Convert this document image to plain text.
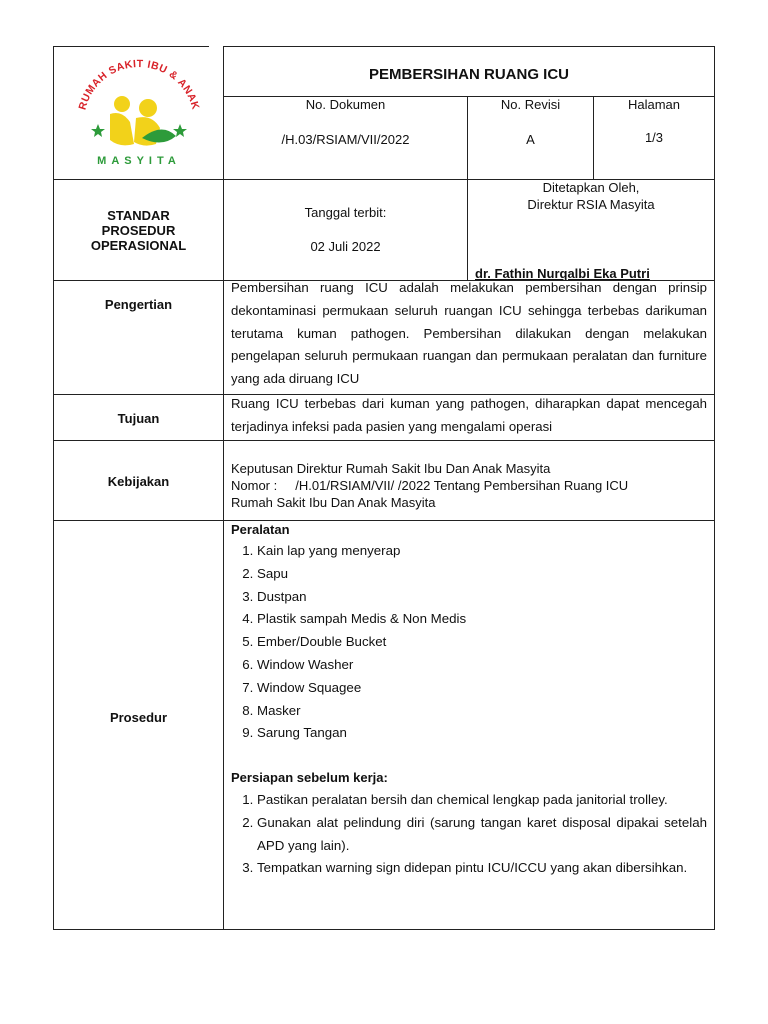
RUMAH SAKIT IBU & ANAK
MASYITA
PEMBERSIHAN RUANG ICU
No. Dokumen
/H.03/RSIAM/VII/2022
No. Revisi
A
Halaman
1/3
STANDAR
PROSEDUR
OPERASIONAL
Tanggal terbit:
02 Juli 2022
Ditetapkan Oleh,
Direktur RSIA Masyita
dr. Fathin Nurqalbi Eka Putri
Pengertian
Pembersihan ruang ICU adalah melakukan pembersihan dengan prinsip dekontaminasi permukaan seluruh ruangan ICU sehingga terbebas darikuman terutama kuman pathogen. Pembersihan dilakukan dengan melakukan pengelapan seluruh permukaan ruangan dan permukaan peralatan dan furniture yang ada diruang ICU
Tujuan
Ruang ICU terbebas dari kuman yang pathogen, diharapkan dapat mencegah terjadinya infeksi pada pasien yang mengalami operasi
Kebijakan
Keputusan Direktur Rumah Sakit Ibu Dan Anak Masyita
Nomor :     /H.01/RSIAM/VII/ /2022 Tentang Pembersihan Ruang ICU
Rumah Sakit Ibu Dan Anak Masyita
Prosedur
Peralatan
1. Kain lap yang menyerap
2. Sapu
3. Dustpan
4. Plastik sampah Medis & Non Medis
5. Ember/Double Bucket
6. Window Washer
7. Window Squagee
8. Masker
9. Sarung Tangan
Persiapan sebelum kerja:
1. Pastikan peralatan bersih dan chemical lengkap pada janitorial trolley.
2. Gunakan alat pelindung diri (sarung tangan karet disposal dipakai setelah APD yang lain).
3. Tempatkan warning sign didepan pintu ICU/ICCU yang akan dibersihkan.
